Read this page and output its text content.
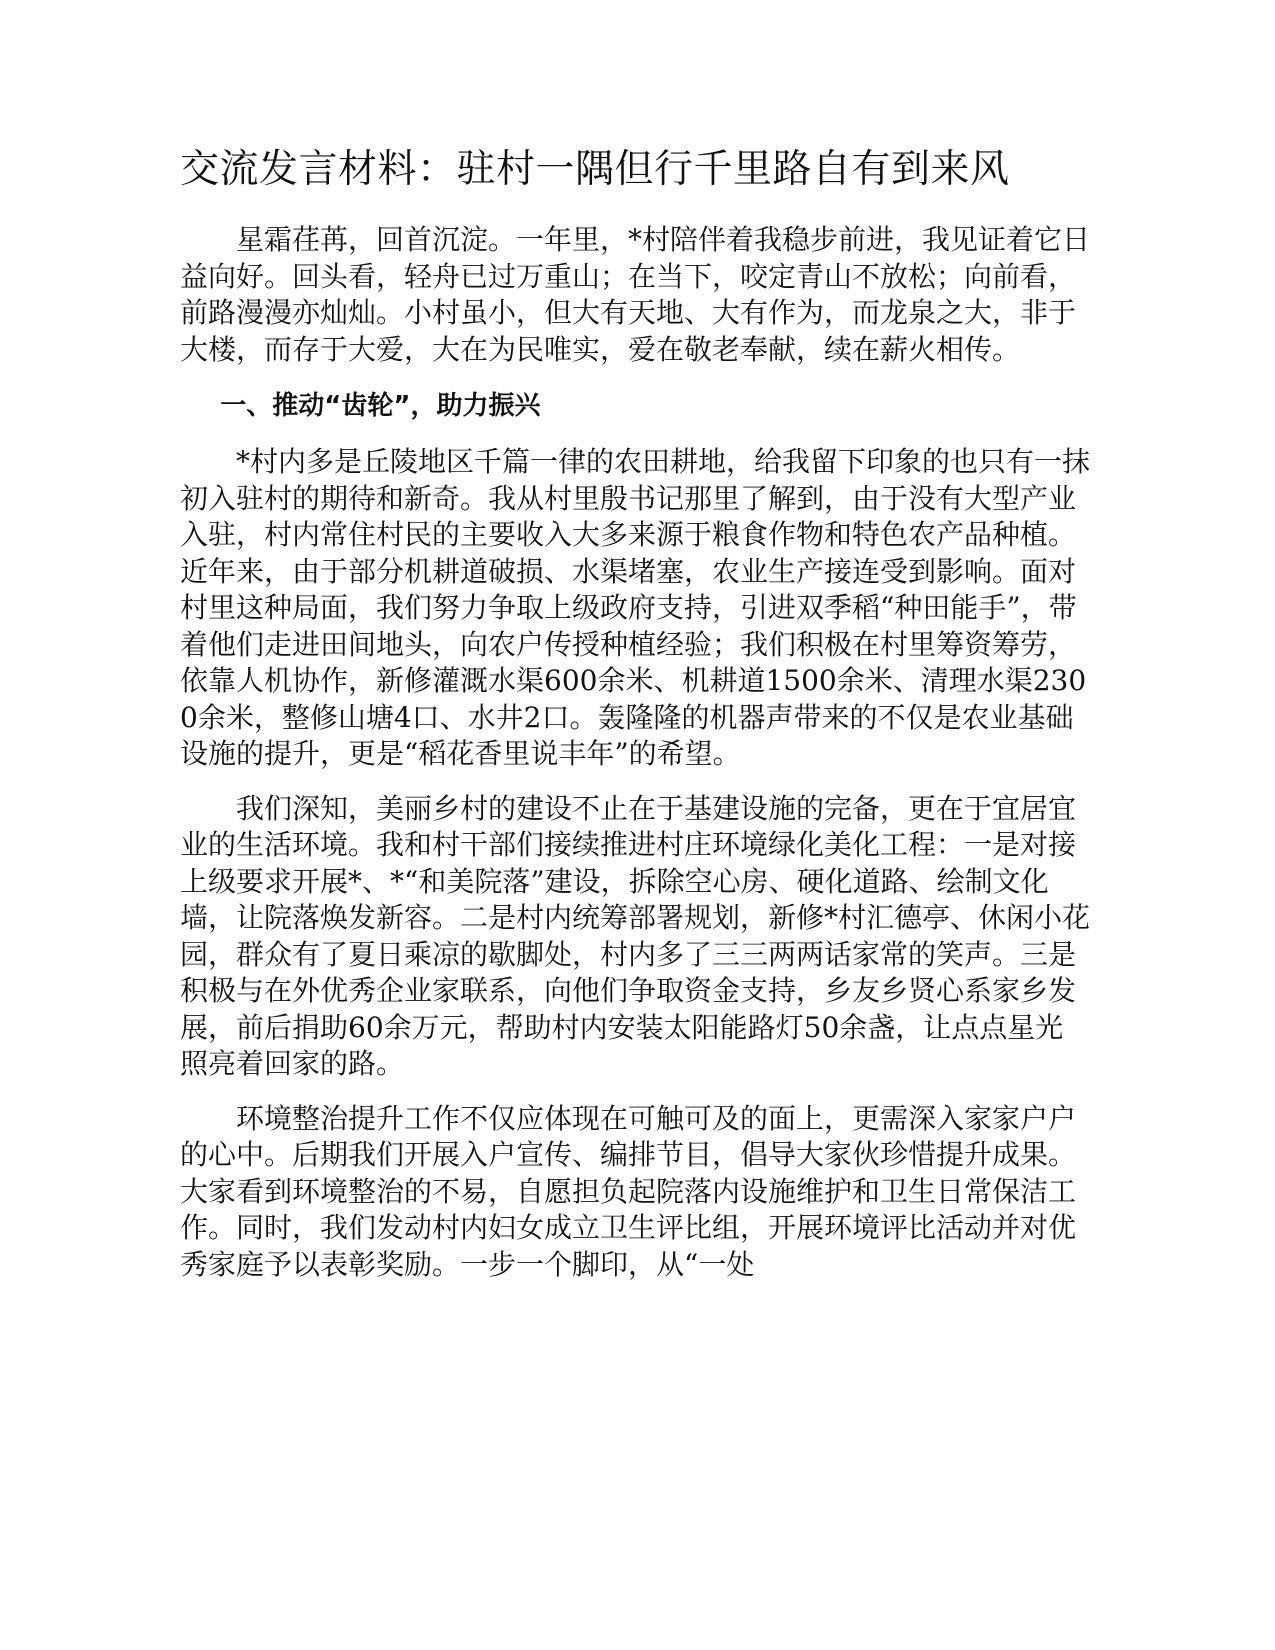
交流发言材料：驻村一隅但行千里路自有到来风

星霜荏苒，回首沉淀。一年里，*村陪伴着我稳步前进，我见证着它日益向好。回头看，轻舟已过万重山；在当下，咬定青山不放松；向前看，前路漫漫亦灿灿。小村虽小，但大有天地、大有作为，而龙泉之大，非于大楼，而存于大爱，大在为民唯实，爱在敬老奉献，续在薪火相传。

一、推动“齿轮”，助力振兴

*村内多是丘陵地区千篇一律的农田耕地，给我留下印象的也只有一抹初入驻村的期待和新奇。我从村里殷书记那里了解到，由于没有大型产业入驻，村内常住村民的主要收入大多来源于粮食作物和特色农产品种植。近年来，由于部分机耕道破损、水渠堵塞，农业生产接连受到影响。面对村里这种局面，我们努力争取上级政府支持，引进双季稻“种田能手”，带着他们走进田间地头，向农户传授种植经验；我们积极在村里筹资筹劳，依靠人机协作，新修灌溉水渠600余米、机耕道1500余米、清理水渠2300余米，整修山塘4口、水井2口。轰隆隆的机器声带来的不仅是农业基础设施的提升，更是“稻花香里说丰年”的希望。

我们深知，美丽乡村的建设不止在于基建设施的完备，更在于宜居宜业的生活环境。我和村干部们接续推进村庄环境绿化美化工程：一是对接上级要求开展*、*“和美院落”建设，拆除空心房、硬化道路、绘制文化墙，让院落焕发新容。二是村内统筹部署规划，新修*村汇德亭、休闲小花园，群众有了夏日乘凉的歇脚处，村内多了三三两两话家常的笑声。三是积极与在外优秀企业家联系，向他们争取资金支持，乡友乡贤心系家乡发展，前后捐助60余万元，帮助村内安装太阳能路灯50余盏，让点点星光照亮着回家的路。

环境整治提升工作不仅应体现在可触可及的面上，更需深入家家户户的心中。后期我们开展入户宣传、编排节目，倡导大家伙珍惜提升成果。大家看到环境整治的不易，自愿担负起院落内设施维护和卫生日常保洁工作。同时，我们发动村内妇女成立卫生评比组，开展环境评比活动并对优秀家庭予以表彰奖励。一步一个脚印，从“一处
